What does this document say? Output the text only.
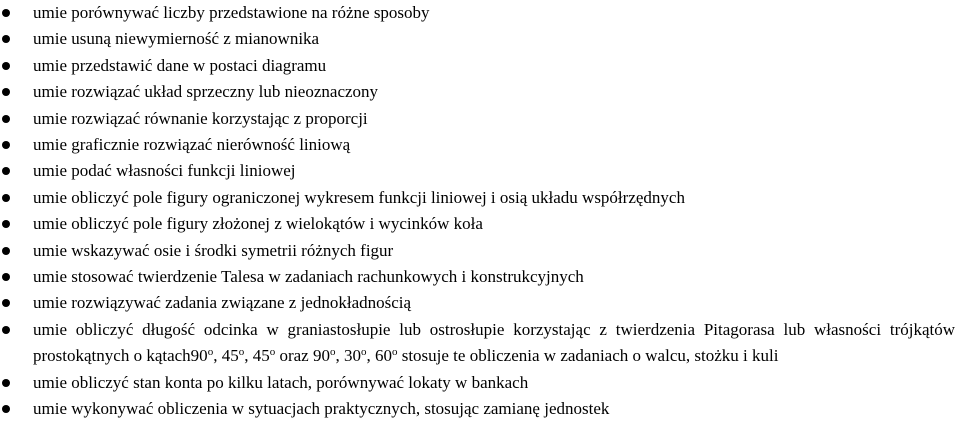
umie porównywać liczby przedstawione na różne sposoby
umie usuną niewymierność z mianownika
umie przedstawić dane w postaci diagramu
umie rozwiązać układ sprzeczny lub nieoznaczony
umie rozwiązać równanie korzystając z proporcji
umie graficznie rozwiązać nierówność liniową
umie podać własności funkcji liniowej
umie obliczyć pole figury ograniczonej wykresem funkcji liniowej i osią układu współrzędnych
umie obliczyć pole figury złożonej z wielokątów i wycinków koła
umie wskazywać osie i środki symetrii różnych figur
umie stosować twierdzenie Talesa w zadaniach rachunkowych i konstrukcyjnych
umie rozwiązywać zadania związane z jednokładnością
umie obliczyć długość odcinka w graniastosłupie lub ostrosłupie korzystając z twierdzenia Pitagorasa lub własności trójkątów prostokątnych o kątach90$^o$, 45$^o$, 45$^o$ oraz 90$^o$, 30$^o$, 60$^o$ stosuje te obliczenia w zadaniach o walcu, stożku i kuli
umie obliczyć stan konta po kilku latach, porównywać lokaty w bankach
umie wykonywać obliczenia w sytuacjach praktycznych, stosując zamianę jednostek
